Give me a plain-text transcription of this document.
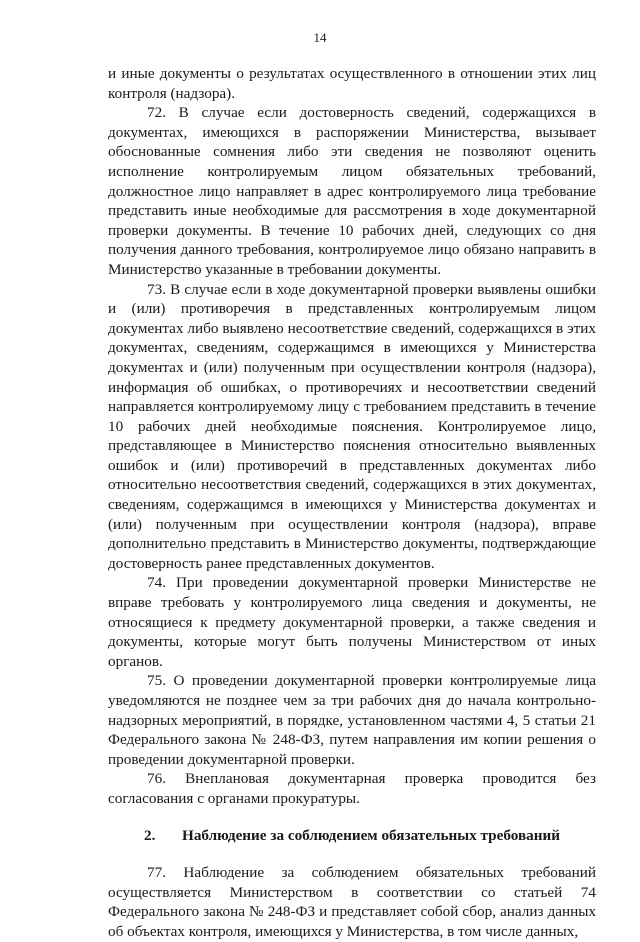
14

и иные документы о результатах осуществленного в отношении этих лиц контроля (надзора).

72. В случае если достоверность сведений, содержащихся в документах, имеющихся в распоряжении Министерства, вызывает обоснованные сомнения либо эти сведения не позволяют оценить исполнение контролируемым лицом обязательных требований, должностное лицо направляет в адрес контролируемого лица требование представить иные необходимые для рассмотрения в ходе документарной проверки документы. В течение 10 рабочих дней, следующих со дня получения данного требования, контролируемое лицо обязано направить в Министерство указанные в требовании документы.

73. В случае если в ходе документарной проверки выявлены ошибки и (или) противоречия в представленных контролируемым лицом документах либо выявлено несоответствие сведений, содержащихся в этих документах, сведениям, содержащимся в имеющихся у Министерства документах и (или) полученным при осуществлении контроля (надзора), информация об ошибках, о противоречиях и несоответствии сведений направляется контролируемому лицу с требованием представить в течение 10 рабочих дней необходимые пояснения. Контролируемое лицо, представляющее в Министерство пояснения относительно выявленных ошибок и (или) противоречий в представленных документах либо относительно несоответствия сведений, содержащихся в этих документах, сведениям, содержащимся в имеющихся у Министерства документах и (или) полученным при осуществлении контроля (надзора), вправе дополнительно представить в Министерство документы, подтверждающие достоверность ранее представленных документов.

74. При проведении документарной проверки Министерстве не вправе требовать у контролируемого лица сведения и документы, не относящиеся к предмету документарной проверки, а также сведения и документы, которые могут быть получены Министерством от иных органов.

75. О проведении документарной проверки контролируемые лица уведомляются не позднее чем за три рабочих дня до начала контрольно-надзорных мероприятий, в порядке, установленном частями 4, 5 статьи 21 Федерального закона № 248-ФЗ, путем направления им копии решения о проведении документарной проверки.

76. Внеплановая документарная проверка проводится без согласования с органами прокуратуры.

2.	Наблюдение за соблюдением обязательных требований

77. Наблюдение за соблюдением обязательных требований осуществляется Министерством в соответствии со статьей 74 Федерального закона № 248-ФЗ и представляет собой сбор, анализ данных об объектах контроля, имеющихся у Министерства, в том числе данных,
